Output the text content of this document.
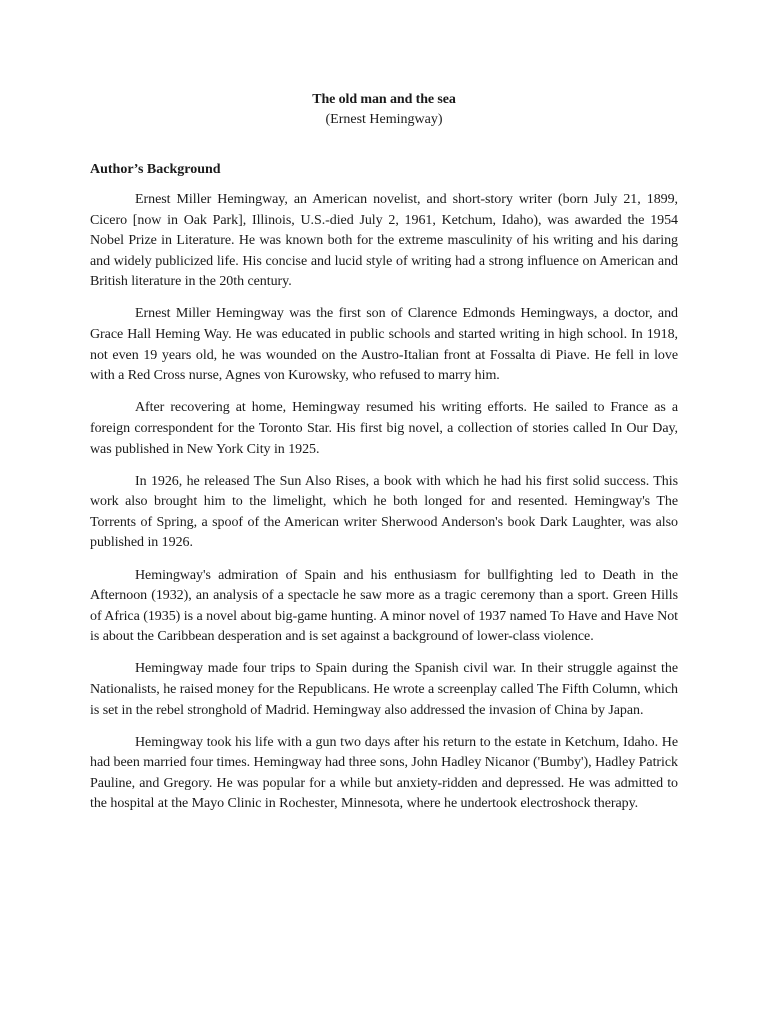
The old man and the sea

(Ernest Hemingway)

Author’s Background

Ernest Miller Hemingway, an American novelist, and short-story writer (born July 21, 1899, Cicero [now in Oak Park], Illinois, U.S.-died July 2, 1961, Ketchum, Idaho), was awarded the 1954 Nobel Prize in Literature. He was known both for the extreme masculinity of his writing and his daring and widely publicized life. His concise and lucid style of writing had a strong influence on American and British literature in the 20th century.

Ernest Miller Hemingway was the first son of Clarence Edmonds Hemingways, a doctor, and Grace Hall Heming Way. He was educated in public schools and started writing in high school. In 1918, not even 19 years old, he was wounded on the Austro-Italian front at Fossalta di Piave. He fell in love with a Red Cross nurse, Agnes von Kurowsky, who refused to marry him.

After recovering at home, Hemingway resumed his writing efforts. He sailed to France as a foreign correspondent for the Toronto Star. His first big novel, a collection of stories called In Our Day, was published in New York City in 1925.

In 1926, he released The Sun Also Rises, a book with which he had his first solid success. This work also brought him to the limelight, which he both longed for and resented. Hemingway's The Torrents of Spring, a spoof of the American writer Sherwood Anderson's book Dark Laughter, was also published in 1926.

Hemingway's admiration of Spain and his enthusiasm for bullfighting led to Death in the Afternoon (1932), an analysis of a spectacle he saw more as a tragic ceremony than a sport. Green Hills of Africa (1935) is a novel about big-game hunting. A minor novel of 1937 named To Have and Have Not is about the Caribbean desperation and is set against a background of lower-class violence.

Hemingway made four trips to Spain during the Spanish civil war. In their struggle against the Nationalists, he raised money for the Republicans. He wrote a screenplay called The Fifth Column, which is set in the rebel stronghold of Madrid. Hemingway also addressed the invasion of China by Japan.

Hemingway took his life with a gun two days after his return to the estate in Ketchum, Idaho. He had been married four times. Hemingway had three sons, John Hadley Nicanor ('Bumby'), Hadley Patrick Pauline, and Gregory. He was popular for a while but anxiety-ridden and depressed. He was admitted to the hospital at the Mayo Clinic in Rochester, Minnesota, where he undertook electroshock therapy.
